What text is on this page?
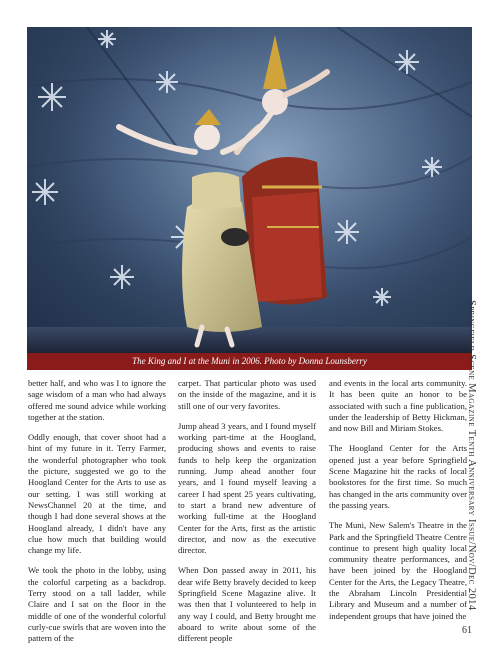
The King and I at the Muni in 2006. Photo by Donna Lounsberry

better half, and who was I to ignore the sage wisdom of a man who had always offered me sound advice while working together at the station.

Oddly enough, that cover shoot had a hint of my future in it. Terry Farmer, the wonderful photographer who took the picture, suggested we go to the Hoogland Center for the Arts to use as our setting. I was still working at NewsChannel 20 at the time, and though I had done several shows at the Hoogland already, I didn't have any clue how much that building would change my life.

We took the photo in the lobby, using the colorful carpeting as a backdrop. Terry stood on a tall ladder, while Claire and I sat on the floor in the middle of one of the wonderful colorful curly-cue swirls that are woven into the pattern of the

carpet. That particular photo was used on the inside of the magazine, and it is still one of our very favorites.

Jump ahead 3 years, and I found myself working part-time at the Hoogland, producing shows and events to raise funds to help keep the organization running. Jump ahead another four years, and I found myself leaving a career I had spent 25 years cultivating, to start a brand new adventure of working full-time at the Hoogland Center for the Arts, first as the artistic director, and now as the executive director.

When Don passed away in 2011, his dear wife Betty bravely decided to keep Springfield Scene Magazine alive. It was then that I volunteered to help in any way I could, and Betty brought me aboard to write about some of the different people

and events in the local arts community. It has been quite an honor to be associated with such a fine publication, under the leadership of Betty Hickman, and now Bill and Miriam Stokes.

The Hoogland Center for the Arts opened just a year before Springfield Scene Magazine hit the racks of local bookstores for the first time. So much has changed in the arts community over the passing years.

The Muni, New Salem's Theatre in the Park and the Springfield Theatre Centre continue to present high quality local community theatre performances, and have been joined by the Hoogland Center for the Arts, the Legacy Theatre, the Abraham Lincoln Presidential Library and Museum and a number of independent groups that have joined the

Springfield Scene Magazine Tenth Anniversary Issue/Nov/Dec 2014
61
